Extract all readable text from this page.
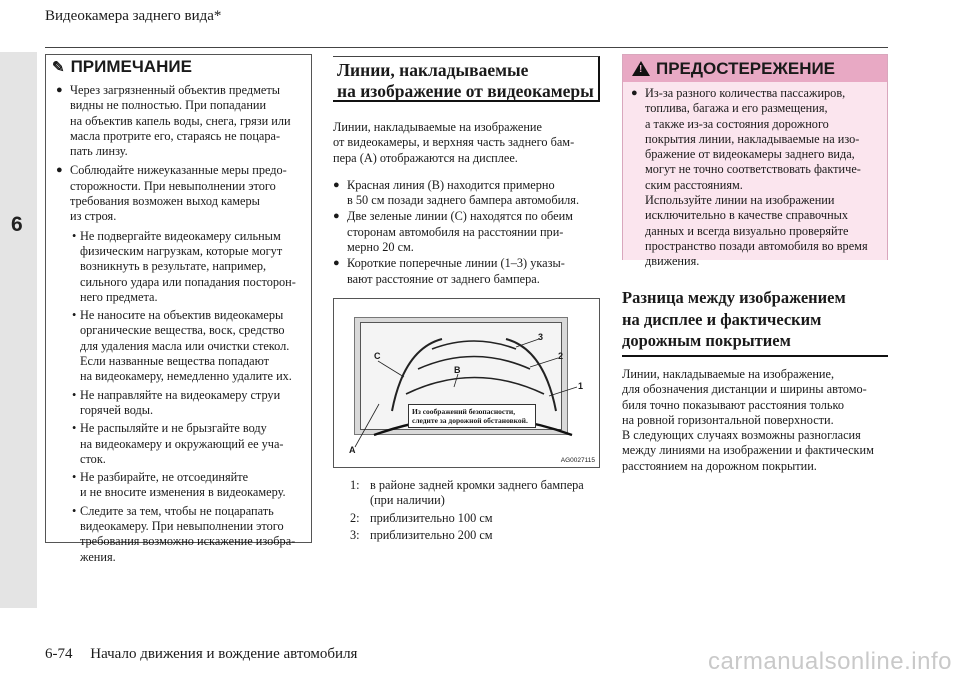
6
Видеокамера заднего вида*
✎ ПРИМЕЧАНИЕ
● Через загрязненный объектив предметы
видны не полностью. При попадании
на объектив капель воды, снега, грязи или
масла протрите его, стараясь не поцара-
пать линзу.
● Соблюдайте нижеуказанные меры предо-
сторожности. При невыполнении этого
требования возможен выход камеры
из строя.
• Не подвергайте видеокамеру сильным
физическим нагрузкам, которые могут
возникнуть в результате, например,
сильного удара или попадания посторон-
него предмета.
• Не наносите на объектив видеокамеры
органические вещества, воск, средство
для удаления масла или очистки стекол.
Если названные вещества попадают
на видеокамеру, немедленно удалите их.
• Не направляйте на видеокамеру струи
горячей воды.
• Не распыляйте и не брызгайте воду
на видеокамеру и окружающий ее уча-
сток.
• Не разбирайте, не отсоединяйте
и не вносите изменения в видеокамеру.
• Следите за тем, чтобы не поцарапать
видеокамеру. При невыполнении этого
требования возможно искажение изобра-
жения.
Линии, накладываемые
на изображение от видеокамеры
Линии, накладываемые на изображение
от видеокамеры, и верхняя часть заднего бам-
пера (A) отображаются на дисплее.
● Красная линия (B) находится примерно
в 50 см позади заднего бампера автомобиля.
● Две зеленые линии (C) находятся по обеим
сторонам автомобиля на расстоянии при-
мерно 20 см.
● Короткие поперечные линии (1–3) указы-
вают расстояние от заднего бампера.
C
B
A
1
2
3
Из соображений безопасности,
следите за дорожной обстановкой.
AG0027115
1: в районе задней кромки заднего бампера
(при наличии)
2: приблизительно 100 см
3: приблизительно 200 см
! ПРЕДОСТЕРЕЖЕНИЕ
● Из-за разного количества пассажиров,
топлива, багажа и его размещения,
а также из-за состояния дорожного
покрытия линии, накладываемые на изо-
бражение от видеокамеры заднего вида,
могут не точно соответствовать фактиче-
ским расстояниям.
Используйте линии на изображении
исключительно в качестве справочных
данных и всегда визуально проверяйте
пространство позади автомобиля во время
движения.
Разница между изображением
на дисплее и фактическим
дорожным покрытием
Линии, накладываемые на изображение,
для обозначения дистанции и ширины автомо-
биля точно показывают расстояния только
на ровной горизонтальной поверхности.
В следующих случаях возможны разногласия
между линиями на изображении и фактическим
расстоянием на дорожном покрытии.
6-74 Начало движения и вождение автомобиля	carmanualsonline.info
